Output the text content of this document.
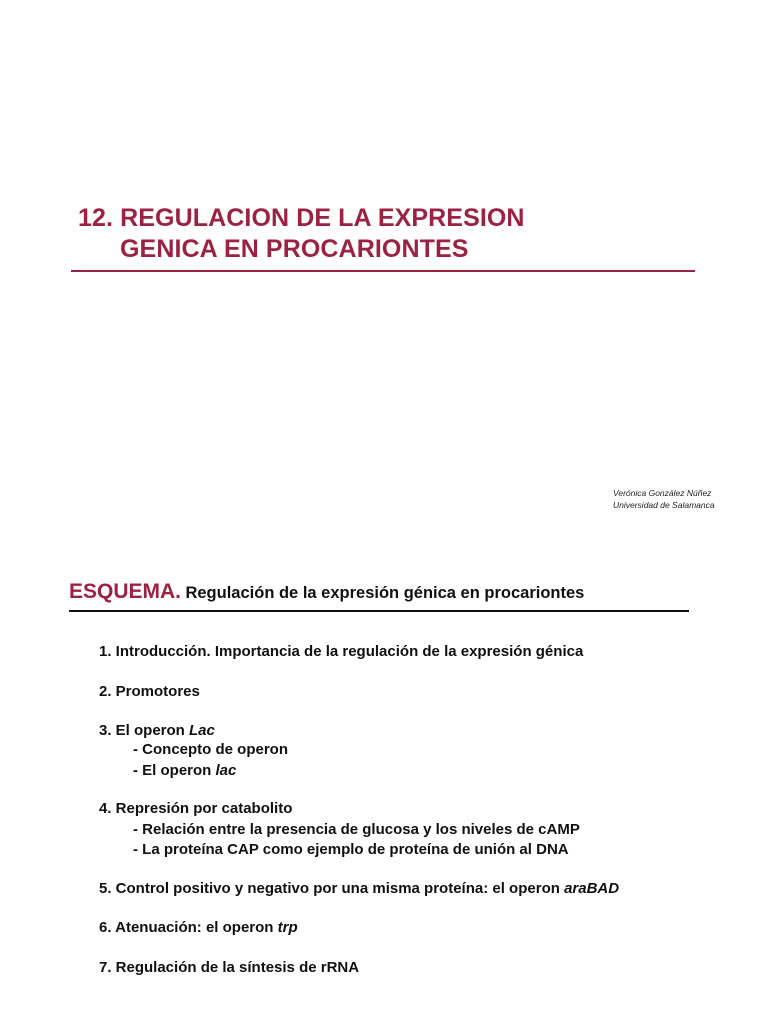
12. REGULACION DE LA EXPRESION
GENICA EN PROCARIONTES
Verónica González Núñez
Universidad de Salamanca
ESQUEMA. Regulación de la expresión génica en procariontes
1. Introducción. Importancia de la regulación de la expresión génica
2. Promotores
3. El operon Lac
- Concepto de operon
- El operon lac
4. Represión por catabolito
- Relación entre la presencia de glucosa y los niveles de cAMP
- La proteína CAP como ejemplo de proteína de unión al DNA
5. Control positivo y negativo por una misma proteína: el operon araBAD
6. Atenuación: el operon trp
7. Regulación de la síntesis de rRNA
